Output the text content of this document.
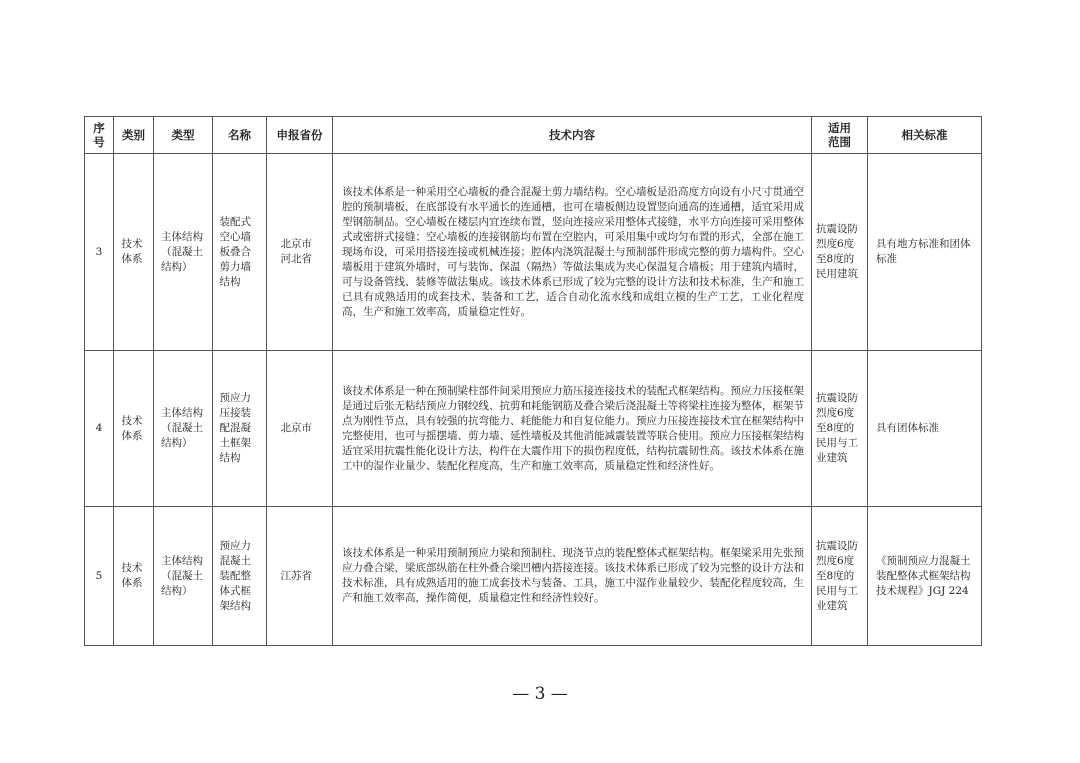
序号	类别	类型	名称	申报省份	技术内容	适用范围	相关标准
3	技术体系	主体结构（混凝土结构）	装配式空心墙板叠合剪力墙结构	北京市河北省	该技术体系是一种采用空心墙板的叠合混凝土剪力墙结构。空心墙板是沿高度方向设有小尺寸贯通空腔的预制墙板，在底部设有水平通长的连通槽，也可在墙板侧边设置竖向通高的连通槽，适宜采用成型钢筋制品。空心墙板在楼层内宜连续布置，竖向连接应采用整体式接缝，水平方向连接可采用整体式或密拼式接缝；空心墙板的连接钢筋均布置在空腔内，可采用集中或均匀布置的形式，全部在施工现场布设，可采用搭接连接或机械连接；腔体内浇筑混凝土与预制部件形成完整的剪力墙构件。空心墙板用于建筑外墙时，可与装饰、保温（隔热）等做法集成为夹心保温复合墙板；用于建筑内墙时，可与设备管线、装修等做法集成。该技术体系已形成了较为完整的设计方法和技术标准，生产和施工已具有成熟适用的成套技术、装备和工艺，适合自动化流水线和成组立模的生产工艺，工业化程度高，生产和施工效率高，质量稳定性好。	抗震设防烈度6度至8度的民用建筑	具有地方标准和团体标准
4	技术体系	主体结构（混凝土结构）	预应力压接装配混凝土框架结构	北京市	该技术体系是一种在预制梁柱部件间采用预应力筋压接连接技术的装配式框架结构。预应力压接框架是通过后张无粘结预应力钢绞线、抗剪和耗能钢筋及叠合梁后浇混凝土等将梁柱连接为整体，框架节点为刚性节点，具有较强的抗弯能力、耗能能力和自复位能力。预应力压接连接技术宜在框架结构中完整使用，也可与摇摆墙、剪力墙、延性墙板及其他消能减震装置等联合使用。预应力压接框架结构适宜采用抗震性能化设计方法，构件在大震作用下的损伤程度低，结构抗震韧性高。该技术体系在施工中的湿作业量少、装配化程度高，生产和施工效率高，质量稳定性和经济性好。	抗震设防烈度6度至8度的民用与工业建筑	具有团体标准
5	技术体系	主体结构（混凝土结构）	预应力混凝土装配整体式框架结构	江苏省	该技术体系是一种采用预制预应力梁和预制柱、现浇节点的装配整体式框架结构。框架梁采用先张预应力叠合梁，梁底部纵筋在柱外叠合梁凹槽内搭接连接。该技术体系已形成了较为完整的设计方法和技术标准，具有成熟适用的施工成套技术与装备、工具，施工中湿作业量较少、装配化程度较高，生产和施工效率高，操作简便，质量稳定性和经济性较好。	抗震设防烈度6度至8度的民用与工业建筑	《预制预应力混凝土装配整体式框架结构技术规程》JGJ 224
— 3 —
